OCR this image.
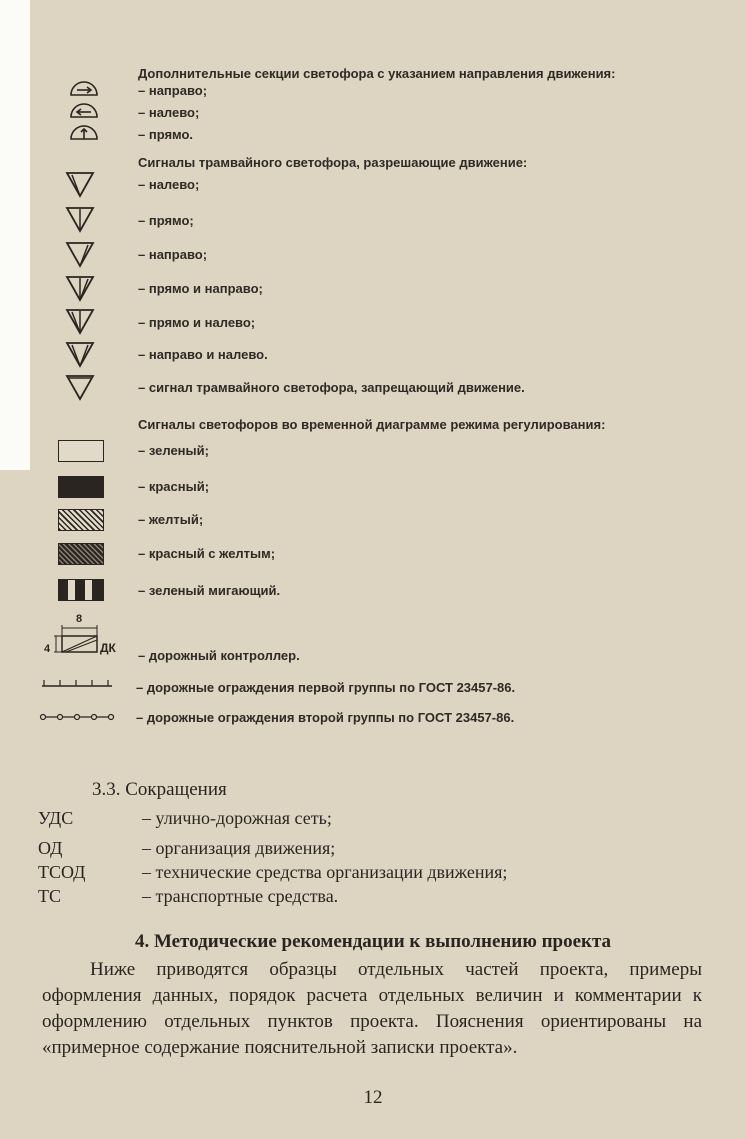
Дополнительные секции светофора с указанием направления движения:
– направо;
– налево;
– прямо.
Сигналы трамвайного светофора, разрешающие движение:
– налево;
– прямо;
– направо;
– прямо и направо;
– прямо и налево;
– направо и налево.
– сигнал трамвайного светофора, запрещающий движение.
Сигналы светофоров во временной диаграмме режима регулирования:
– зеленый;
– красный;
– желтый;
– красный с желтым;
– зеленый мигающий.
8
4	ДК – дорожный контроллер.
– дорожные ограждения первой группы по ГОСТ 23457-86.
– дорожные ограждения второй группы по ГОСТ 23457-86.
3.3. Сокращения
УДС	– улично-дорожная сеть;
ОД	– организация движения;
ТСОД	– технические средства организации движения;
ТС	– транспортные средства.
4. Методические рекомендации к выполнению проекта
Ниже приводятся образцы отдельных частей проекта, примеры оформления данных, порядок расчета отдельных величин и комментарии к оформлению отдельных пунктов проекта. Пояснения ориентированы на «примерное содержание пояснительной записки проекта».
12
